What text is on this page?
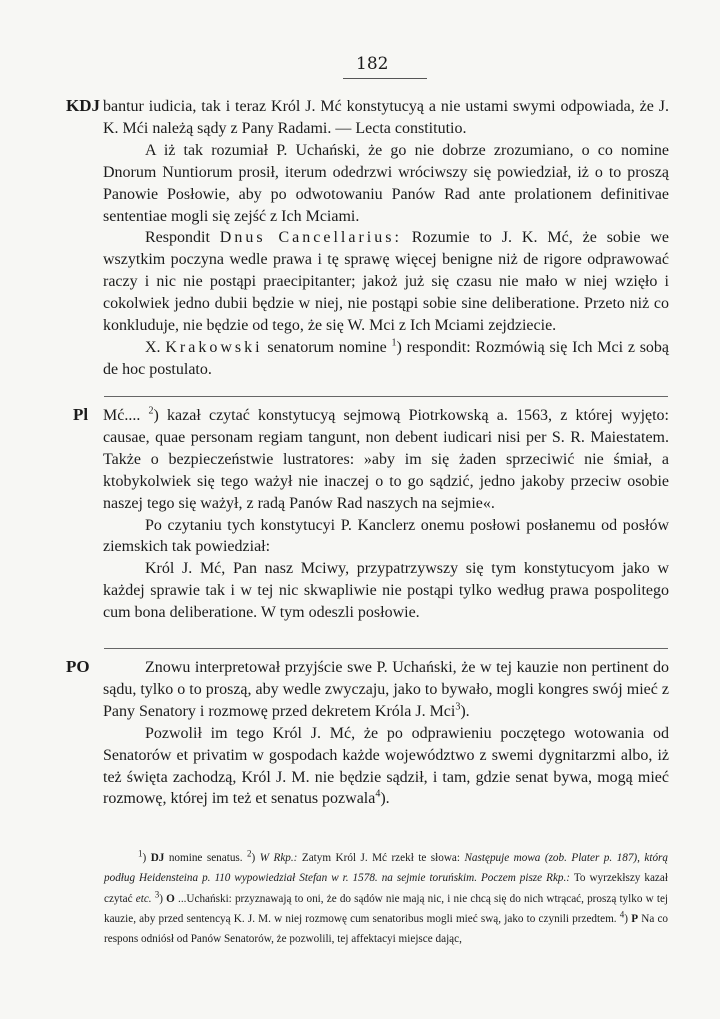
182
KDJ bantur iudicia, tak i teraz Król J. Mć konstytucyą a nie ustami swymi odpowiada, że J. K. Mći należą sądy z Pany Radami. — Lecta constitutio.

A iż tak rozumiał P. Uchański, że go nie dobrze zrozumiano, o co nomine Dnorum Nuntiorum prosił, iterum odedrzwi wróciwszy się powiedział, iż o to proszą Panowie Posłowie, aby po odwotowaniu Panów Rad ante prolationem definitivae sententiae mogli się zejść z Ich Mciami.

Respondit Dnus Cancellarius: Rozumie to J. K. Mć, że sobie we wszytkim poczyna wedle prawa i tę sprawę więcej benigne niż de rigore odprawować raczy i nic nie postąpi praecipitanter; jakoż już się czasu nie mało w niej wzięło i cokolwiek jedno dubii będzie w niej, nie postąpi sobie sine deliberatione. Przeto niż co konkluduje, nie będzie od tego, że się W. Mci z Ich Mciami zejdziecie.

X. Krakowski senatorum nomine $^1$) respondit: Rozmówią się Ich Mci z sobą de hoc postulato.

Pl Mć.... $^2$) kazał czytać konstytucyą sejmową Piotrkowską a. 1563, z której wyjęto: causae, quae personam regiam tangunt, non debent iudicari nisi per S. R. Maiestatem. Także o bezpieczeństwie lustratores: »aby im się żaden sprzeciwić nie śmiał, a ktobykolwiek się tego ważył nie inaczej o to go sądzić, jedno jakoby przeciw osobie naszej tego się ważył, z radą Panów Rad naszych na sejmie«.

Po czytaniu tych konstytucyi P. Kanclerz onemu posłowi posłanemu od posłów ziemskich tak powiedział:

Król J. Mć, Pan nasz Mciwy, przypatrzywszy się tym konstytucyom jako w każdej sprawie tak i w tej nic skwapliwie nie postąpi tylko według prawa pospolitego cum bona deliberatione. W tym odeszli posłowie.

PO	Znowu interpretował przyjście swe P. Uchański, że w tej kauzie non pertinent do sądu, tylko o to proszą, aby wedle zwyczaju, jako to bywało, mogli kongres swój mieć z Pany Senatory i rozmowę przed dekretem Króla J. Mci$^3$).

Pozwolił im tego Król J. Mć, że po odprawieniu poczętego wotowania od Senatorów et privatim w gospodach każde województwo z swemi dygnitarzmi albo, iż też święta zachodzą, Król J. M. nie będzie sądził, i tam, gdzie senat bywa, mogą mieć rozmowę, której im też et senatus pozwala$^4$).

$^1$) DJ nomine senatus. $^2$) W Rkp.: Zatym Król J. Mć rzekł te słowa: Następuje mowa (zob. Plater p. 187), którą podług Heidensteina p. 110 wypowiedział Stefan w r. 1578. na sejmie toruńskim. Poczem pisze Rkp.: To wyrzekłszy kazał czytać etc. $^3$) O ...Uchański: przyznawają to oni, że do sądów nie mają nic, i nie chcą się do nich wtrącać, proszą tylko w tej kauzie, aby przed sentencyą K. J. M. w niej rozmowę cum senatoribus mogli mieć swą, jako to czynili przedtem. $^4$) P Na co respons odniósł od Panów Senatorów, że pozwolili, tej affektacyi miejsce dając,
